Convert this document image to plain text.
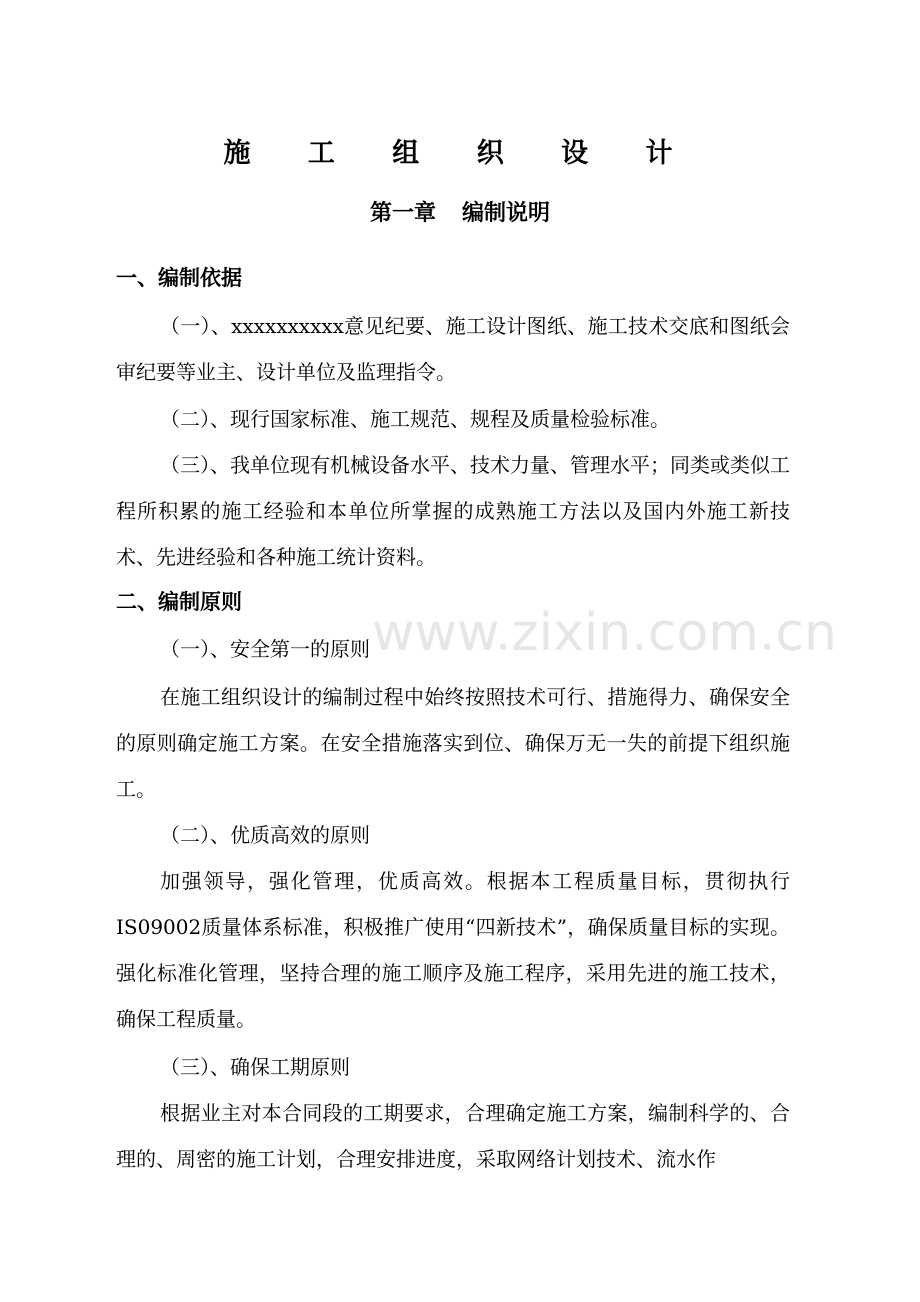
www.zixin.com.cn
施 工 组 织 设 计
第一章 编制说明
一、编制依据
（一）、xxxxxxxxxx意见纪要、施工设计图纸、施工技术交底和图纸会审纪要等业主、设计单位及监理指令。
（二）、现行国家标准、施工规范、规程及质量检验标准。
（三）、我单位现有机械设备水平、技术力量、管理水平；同类或类似工程所积累的施工经验和本单位所掌握的成熟施工方法以及国内外施工新技术、先进经验和各种施工统计资料。
二、编制原则
（一）、安全第一的原则
在施工组织设计的编制过程中始终按照技术可行、措施得力、确保安全的原则确定施工方案。在安全措施落实到位、确保万无一失的前提下组织施工。
（二）、优质高效的原则
加强领导，强化管理，优质高效。根据本工程质量目标，贯彻执行IS09002质量体系标准，积极推广使用“四新技术”，确保质量目标的实现。强化标准化管理，坚持合理的施工顺序及施工程序，采用先进的施工技术，确保工程质量。
（三）、确保工期原则
根据业主对本合同段的工期要求，合理确定施工方案，编制科学的、合理的、周密的施工计划，合理安排进度，采取网络计划技术、流水作
